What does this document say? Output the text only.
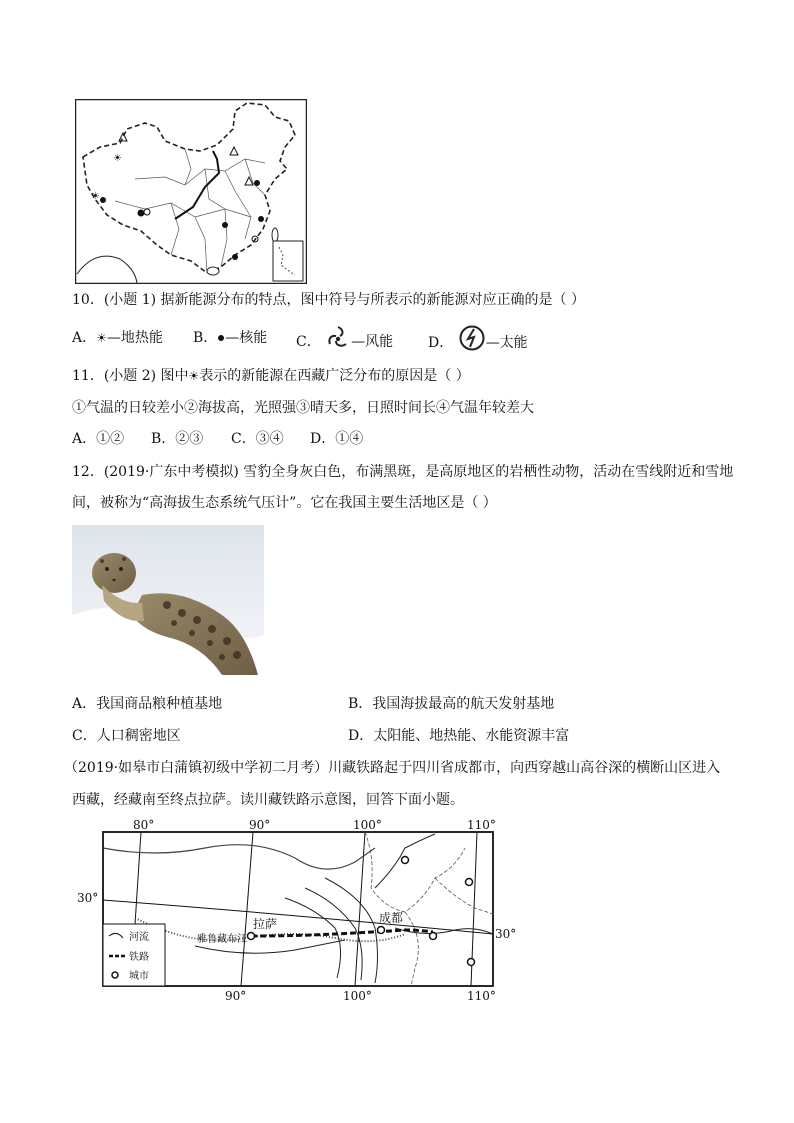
☀
☀
10．(小题 1) 据新能源分布的特点，图中符号与所表示的新能源对应正确的是（ ）
A．☀—地热能 B． —核能 C． —风能 D． —太能
11．(小题 2) 图中☀表示的新能源在西藏广泛分布的原因是（ ）
①气温的日较差小②海拔高，光照强③晴天多，日照时间长④气温年较差大
A．①② B．②③ C．③④ D．①④
12．(2019·广东中考模拟) 雪豹全身灰白色，布满黑斑，是高原地区的岩栖性动物，活动在雪线附近和雪地
间，被称为“高海拔生态系统气压计”。它在我国主要生活地区是（ ）
A．我国商品粮种植基地	B．我国海拔最高的航天发射基地
C．人口稠密地区	D．太阳能、地热能、水能资源丰富
（2019·如皋市白蒲镇初级中学初二月考）川藏铁路起于四川省成都市，向西穿越山高谷深的横断山区进入
西藏，经藏南至终点拉萨。读川藏铁路示意图，回答下面小题。
80°	90°	100°	110°
90°	100°	110°
30°
30°
拉萨	成都
雅鲁藏布江
河流
铁路
城市
